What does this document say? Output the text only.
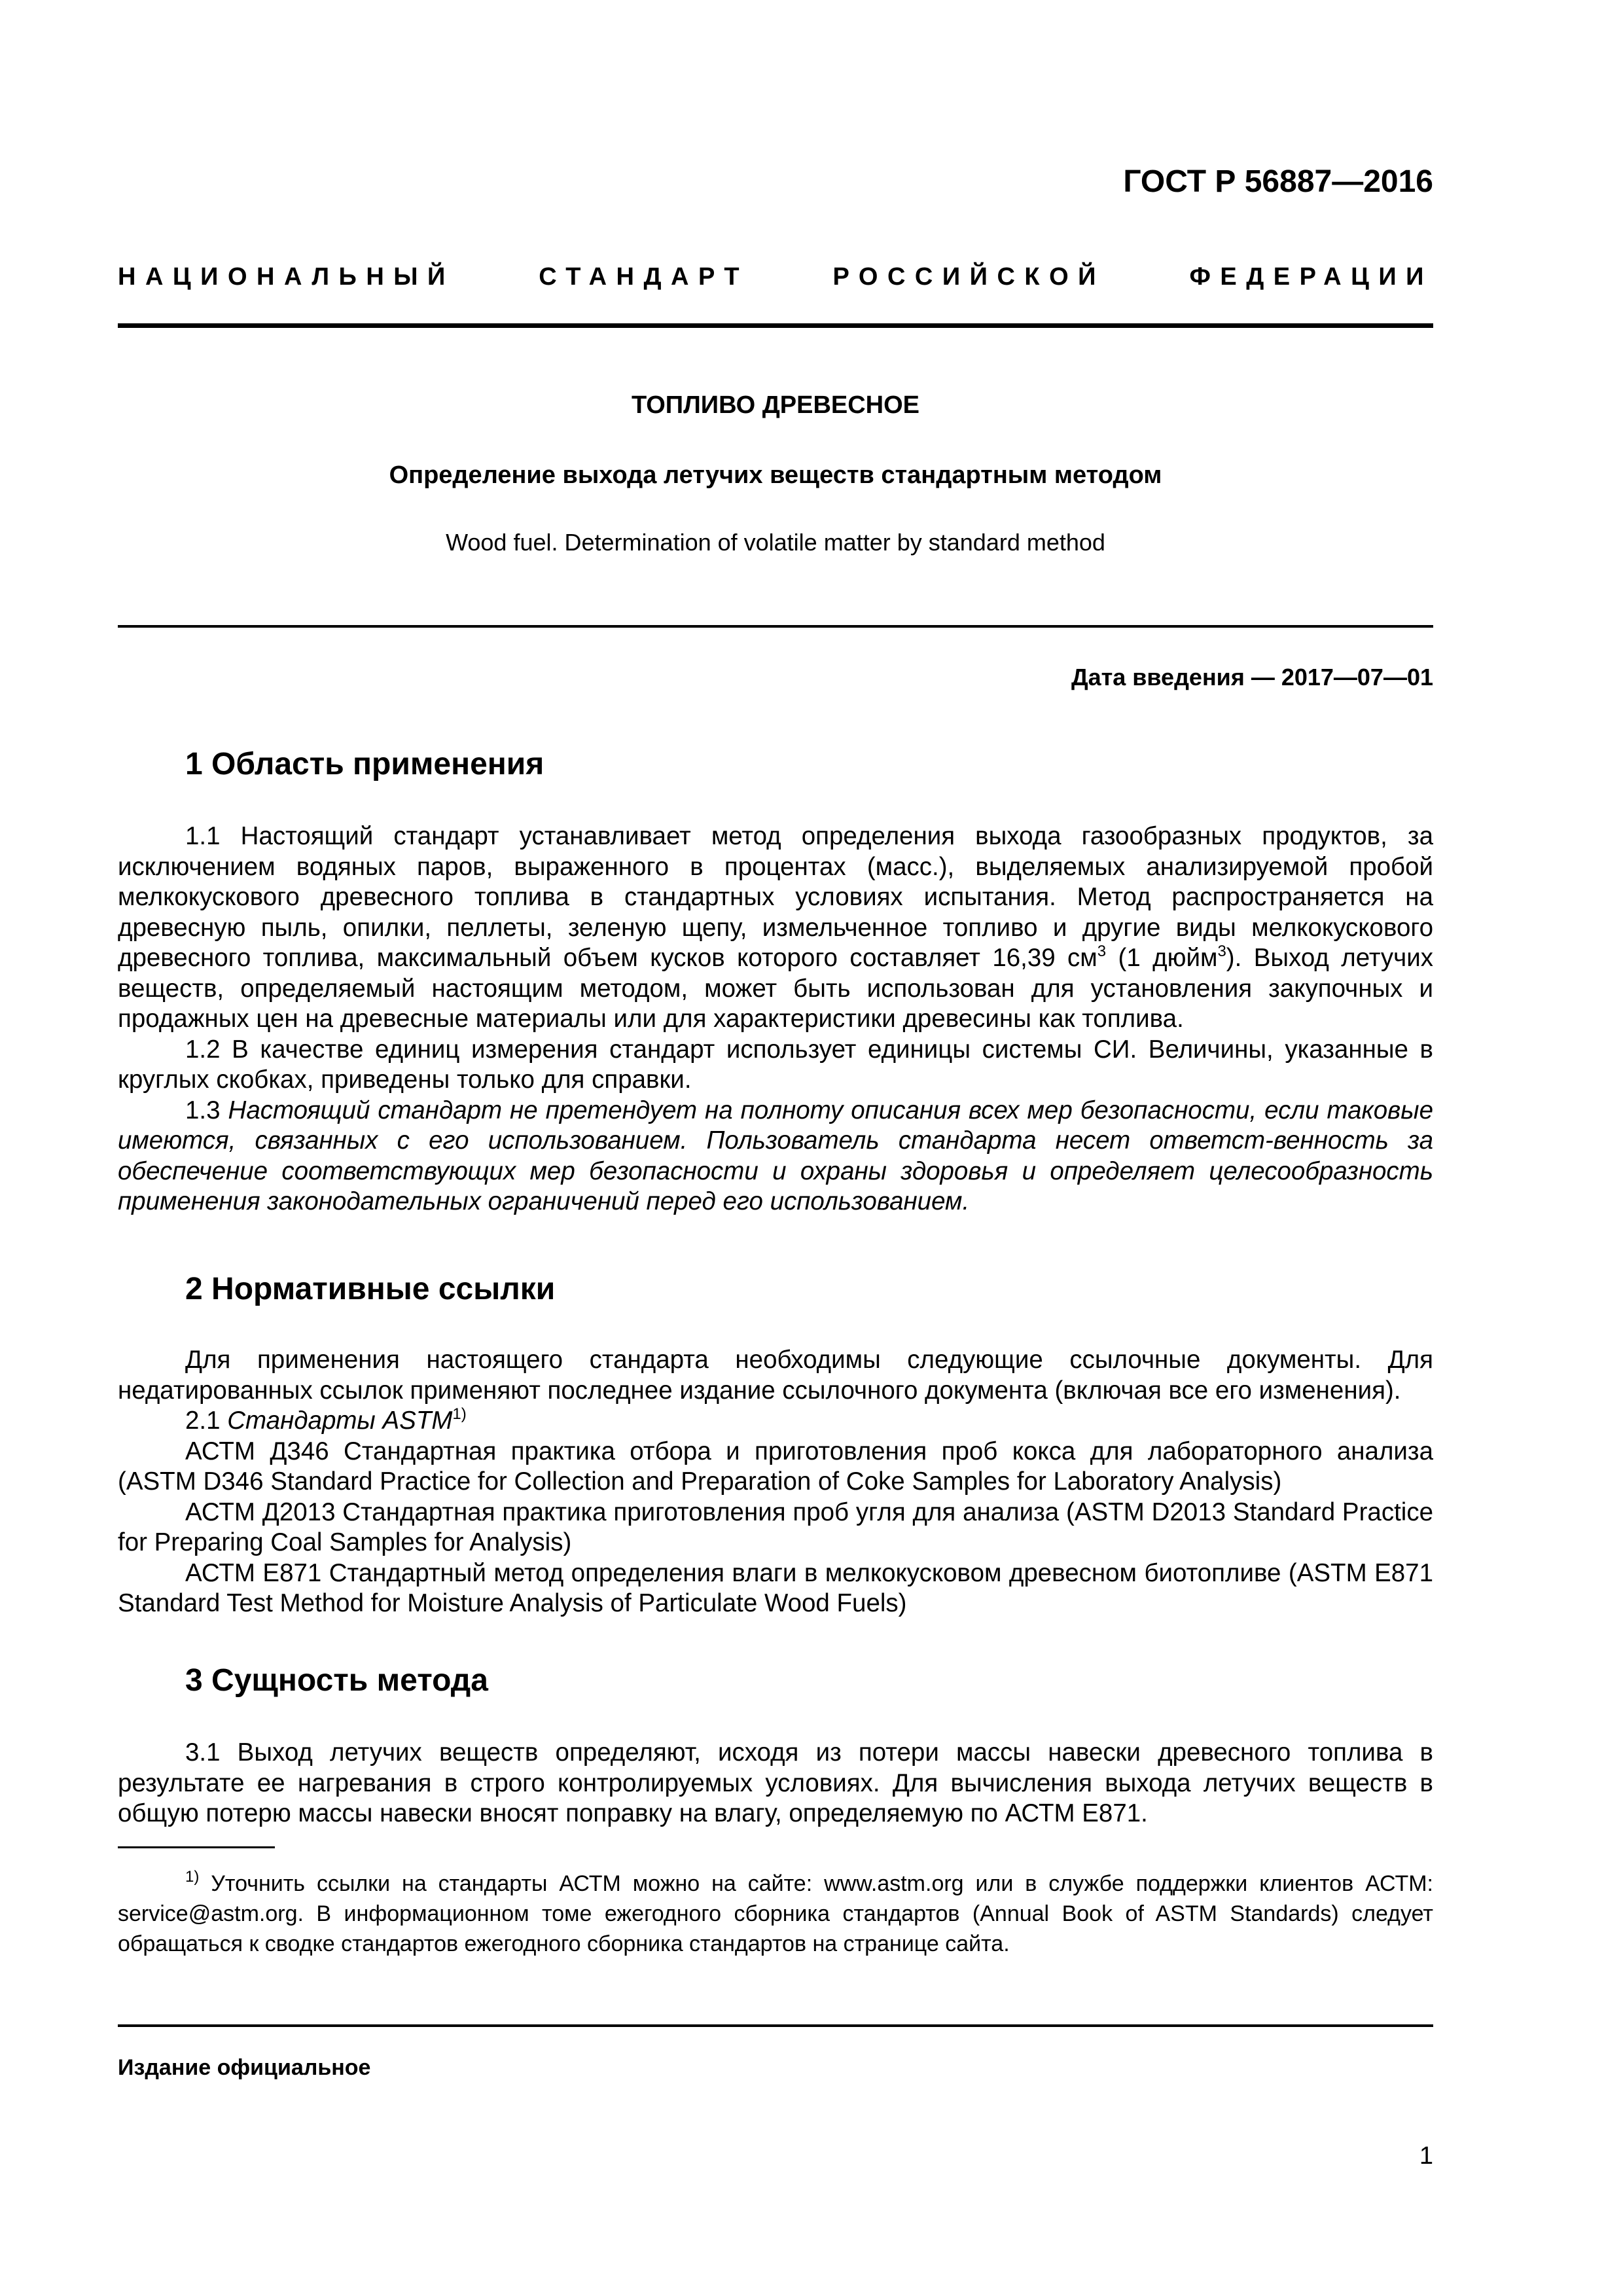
ГОСТ Р 56887—2016
НАЦИОНАЛЬНЫЙ	СТАНДАРТ	РОССИЙСКОЙ	ФЕДЕРАЦИИ
ТОПЛИВО ДРЕВЕСНОЕ
Определение выхода летучих веществ стандартным методом
Wood fuel. Determination of volatile matter by standard method
Дата введения — 2017—07—01
1 Область применения
1.1 Настоящий стандарт устанавливает метод определения выхода газообразных продуктов, за исключением водяных паров, выраженного в процентах (масс.), выделяемых анализируемой пробой мелкокускового древесного топлива в стандартных условиях испытания. Метод распространяется на древесную пыль, опилки, пеллеты, зеленую щепу, измельченное топливо и другие виды мелкокускового древесного топлива, максимальный объем кусков которого составляет 16,39 $см^3$ (1 дюйм$^3$). Выход летучих веществ, определяемый настоящим методом, может быть использован для установления закупочных и продажных цен на древесные материалы или для характеристики древесины как топлива.
1.2 В качестве единиц измерения стандарт использует единицы системы СИ. Величины, указанные в круглых скобках, приведены только для справки.
1.3 Настоящий стандарт не претендует на полноту описания всех мер безопасности, если таковые имеются, связанных с его использованием. Пользователь стандарта несет ответст-венность за обеспечение соответствующих мер безопасности и охраны здоровья и определяет целесообразность применения законодательных ограничений перед его использованием.
2 Нормативные ссылки
Для применения настоящего стандарта необходимы следующие ссылочные документы. Для недатированных ссылок применяют последнее издание ссылочного документа (включая все его изменения).
2.1 Стандарты ASTM$^{1)}$
АСТМ Д346 Стандартная практика отбора и приготовления проб кокса для лабораторного анализа (ASTM D346 Standard Practice for Collection and Preparation of Coke Samples for Laboratory Analysis)
АСТМ Д2013 Стандартная практика приготовления проб угля для анализа (ASTM D2013 Standard Practice for Preparing Coal Samples for Analysis)
АСТМ E871 Стандартный метод определения влаги в мелкокусковом древесном биотопливе (ASTM E871 Standard Test Method for Moisture Analysis of Particulate Wood Fuels)
3 Сущность метода
3.1 Выход летучих веществ определяют, исходя из потери массы навески древесного топлива в результате ее нагревания в строго контролируемых условиях. Для вычисления выхода летучих веществ в общую потерю массы навески вносят поправку на влагу, определяемую по АСТМ E871.
$^{1)}$ Уточнить ссылки на стандарты АСТМ можно на сайте: www.astm.org или в службе поддержки клиентов АСТМ: service@astm.org. В информационном томе ежегодного сборника стандартов (Annual Book of ASTM Standards) следует обращаться к сводке стандартов ежегодного сборника стандартов на странице сайта.
Издание официальное
1
